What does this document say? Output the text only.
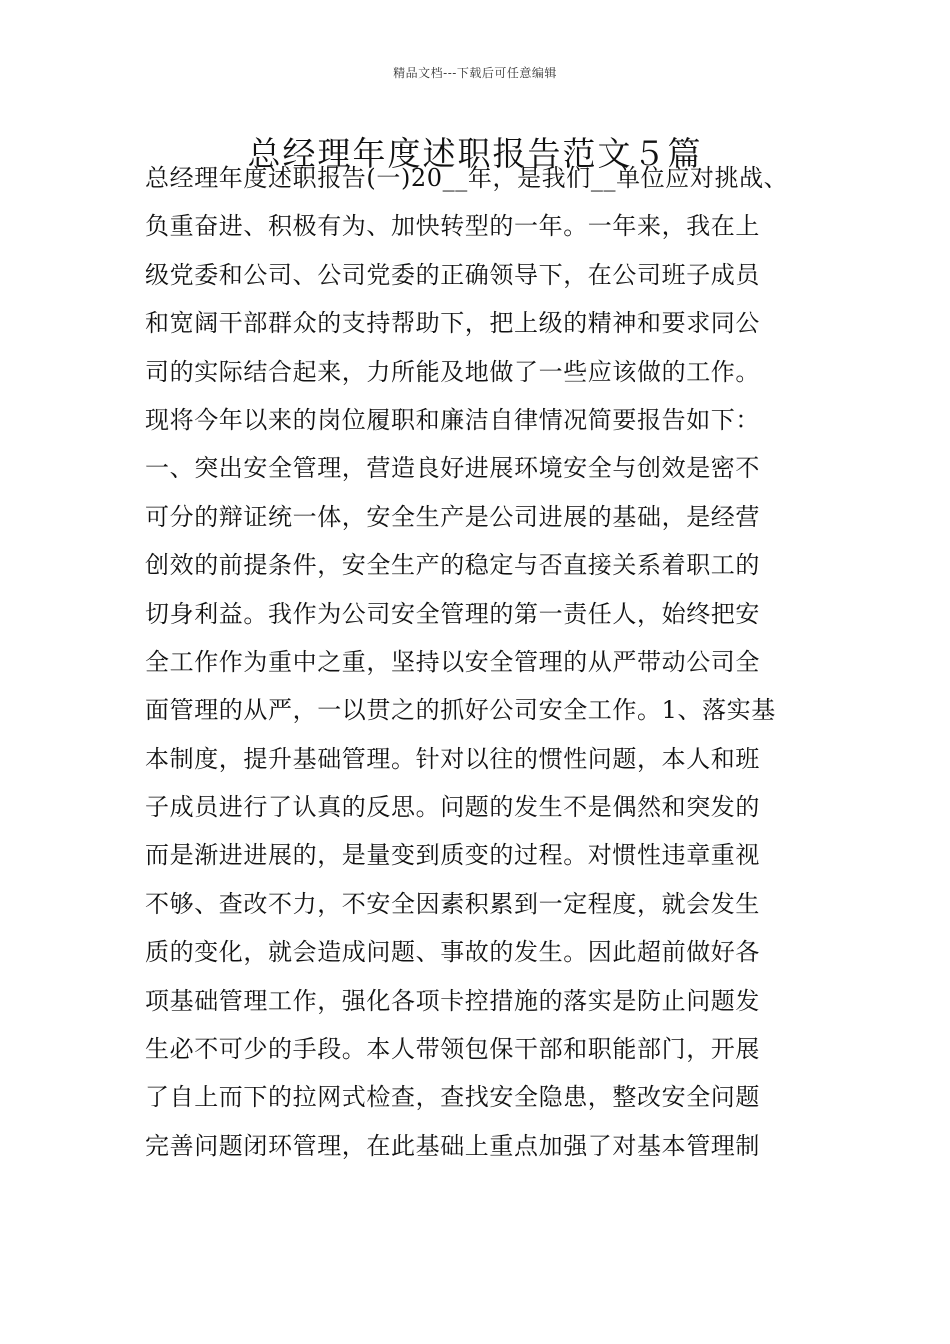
精品文档---下载后可任意编辑
总经理年度述职报告范文５篇
总经理年度述职报告(一)20__年，是我们__单位应对挑战、
负重奋进、积极有为、加快转型的一年。一年来，我在上
级党委和公司、公司党委的正确领导下，在公司班子成员
和宽阔干部群众的支持帮助下，把上级的精神和要求同公
司的实际结合起来，力所能及地做了一些应该做的工作。
现将今年以来的岗位履职和廉洁自律情况简要报告如下：
一、突出安全管理，营造良好进展环境安全与创效是密不
可分的辩证统一体，安全生产是公司进展的基础，是经营
创效的前提条件，安全生产的稳定与否直接关系着职工的
切身利益。我作为公司安全管理的第一责任人，始终把安
全工作作为重中之重，坚持以安全管理的从严带动公司全
面管理的从严，一以贯之的抓好公司安全工作。1、落实基
本制度，提升基础管理。针对以往的惯性问题，本人和班
子成员进行了认真的反思。问题的发生不是偶然和突发的
而是渐进进展的，是量变到质变的过程。对惯性违章重视
不够、查改不力，不安全因素积累到一定程度，就会发生
质的变化，就会造成问题、事故的发生。因此超前做好各
项基础管理工作，强化各项卡控措施的落实是防止问题发
生必不可少的手段。本人带领包保干部和职能部门，开展
了自上而下的拉网式检查，查找安全隐患，整改安全问题
完善问题闭环管理，在此基础上重点加强了对基本管理制
